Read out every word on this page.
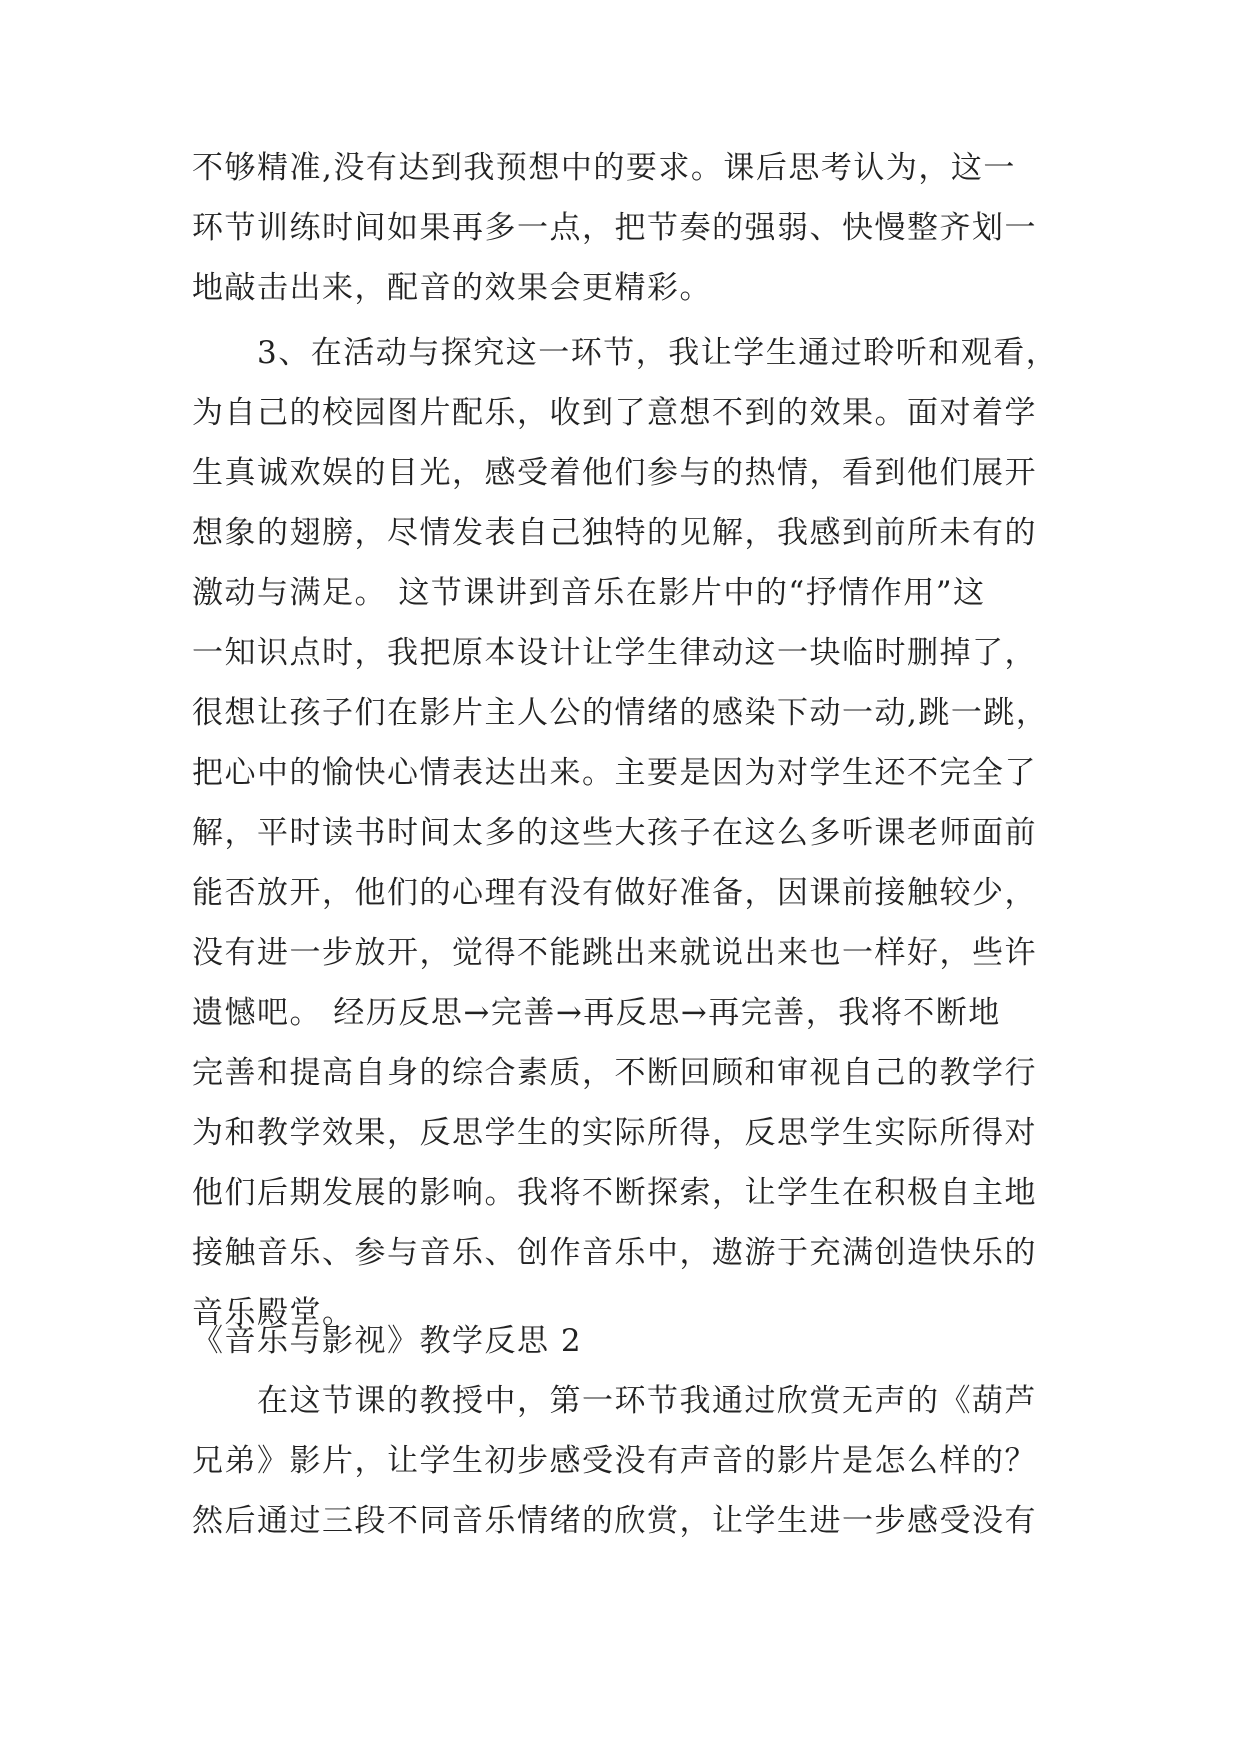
不够精准,没有达到我预想中的要求。课后思考认为，这一
环节训练时间如果再多一点，把节奏的强弱、快慢整齐划一
地敲击出来，配音的效果会更精彩。
　　3、在活动与探究这一环节，我让学生通过聆听和观看，
为自己的校园图片配乐，收到了意想不到的效果。面对着学
生真诚欢娱的目光，感受着他们参与的热情，看到他们展开
想象的翅膀，尽情发表自己独特的见解，我感到前所未有的
激动与满足。 这节课讲到音乐在影片中的“抒情作用”这
一知识点时，我把原本设计让学生律动这一块临时删掉了，
很想让孩子们在影片主人公的情绪的感染下动一动,跳一跳，
把心中的愉快心情表达出来。主要是因为对学生还不完全了
解，平时读书时间太多的这些大孩子在这么多听课老师面前
能否放开，他们的心理有没有做好准备，因课前接触较少，
没有进一步放开，觉得不能跳出来就说出来也一样好，些许
遗憾吧。 经历反思→完善→再反思→再完善，我将不断地
完善和提高自身的综合素质，不断回顾和审视自己的教学行
为和教学效果，反思学生的实际所得，反思学生实际所得对
他们后期发展的影响。我将不断探索，让学生在积极自主地
接触音乐、参与音乐、创作音乐中，遨游于充满创造快乐的
音乐殿堂。
《音乐与影视》教学反思 2
　　在这节课的教授中，第一环节我通过欣赏无声的《葫芦
兄弟》影片，让学生初步感受没有声音的影片是怎么样的？
然后通过三段不同音乐情绪的欣赏，让学生进一步感受没有
